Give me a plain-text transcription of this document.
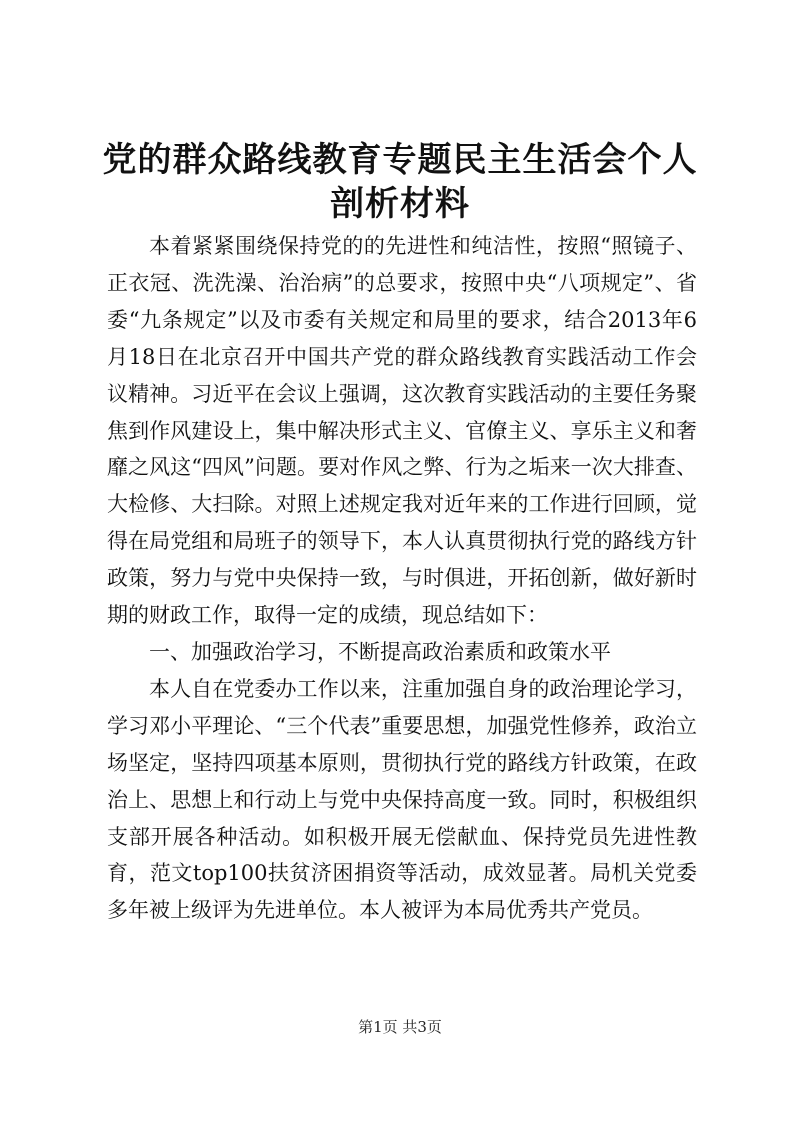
党的群众路线教育专题民主生活会个人剖析材料

本着紧紧围绕保持党的的先进性和纯洁性，按照“照镜子、正衣冠、洗洗澡、治治病”的总要求，按照中央“八项规定”、省委“九条规定”以及市委有关规定和局里的要求，结合2013年6月18日在北京召开中国共产党的群众路线教育实践活动工作会议精神。习近平在会议上强调，这次教育实践活动的主要任务聚焦到作风建设上，集中解决形式主义、官僚主义、享乐主义和奢靡之风这“四风”问题。要对作风之弊、行为之垢来一次大排查、大检修、大扫除。对照上述规定我对近年来的工作进行回顾，觉得在局党组和局班子的领导下，本人认真贯彻执行党的路线方针政策，努力与党中央保持一致，与时俱进，开拓创新，做好新时期的财政工作，取得一定的成绩，现总结如下：

一、加强政治学习，不断提高政治素质和政策水平

本人自在党委办工作以来，注重加强自身的政治理论学习，学习邓小平理论、“三个代表”重要思想，加强党性修养，政治立场坚定，坚持四项基本原则，贯彻执行党的路线方针政策，在政治上、思想上和行动上与党中央保持高度一致。同时，积极组织支部开展各种活动。如积极开展无偿献血、保持党员先进性教育，范文top100扶贫济困捐资等活动，成效显著。局机关党委多年被上级评为先进单位。本人被评为本局优秀共产党员。

第1页 共3页
